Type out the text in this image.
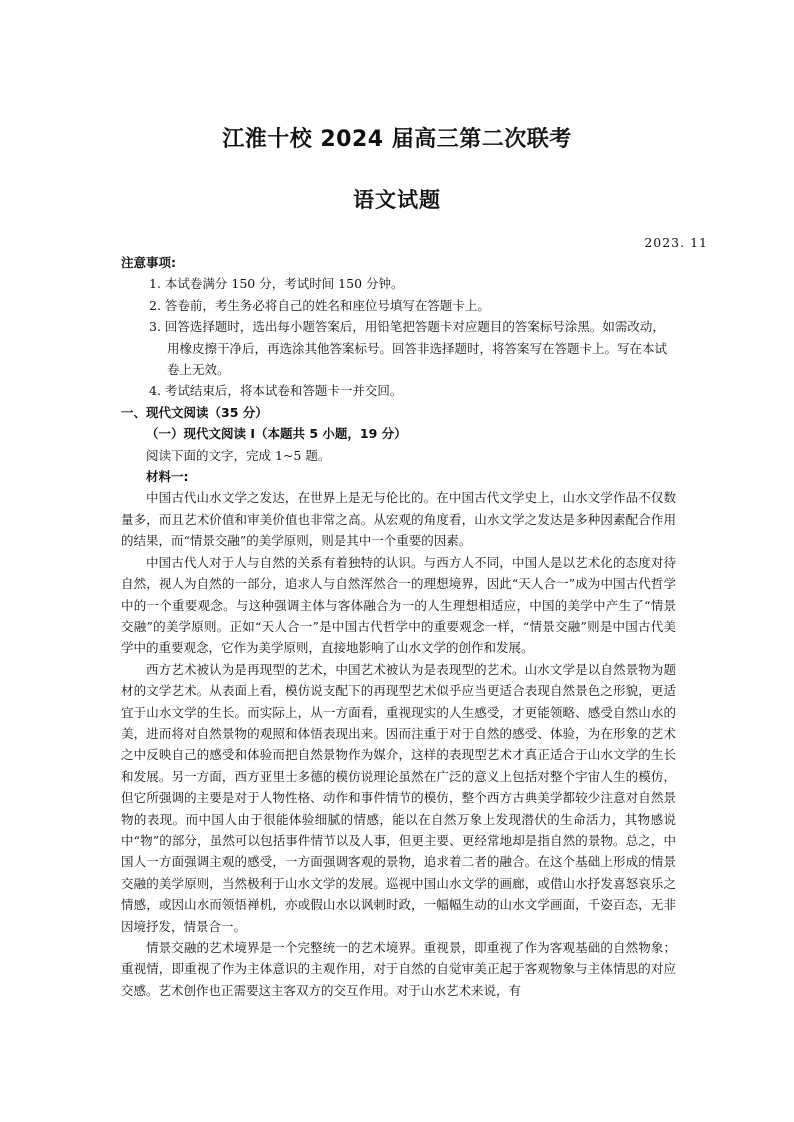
江淮十校 2024 届高三第二次联考
语文试题
2023. 11

注意事项:

1. 本试卷满分 150 分，考试时间 150 分钟。

2. 答卷前，考生务必将自己的姓名和座位号填写在答题卡上。

3. 回答选择题时，选出每小题答案后，用铅笔把答题卡对应题目的答案标号涂黑。如需改动，用橡皮擦干净后，再选涂其他答案标号。回答非选择题时，将答案写在答题卡上。写在本试卷上无效。

4. 考试结束后，将本试卷和答题卡一并交回。

一、现代文阅读（35 分）

（一）现代文阅读 I（本题共 5 小题，19 分）

阅读下面的文字，完成 1~5 题。

材料一:

中国古代山水文学之发达，在世界上是无与伦比的。在中国古代文学史上，山水文学作品不仅数量多，而且艺术价值和审美价值也非常之高。从宏观的角度看，山水文学之发达是多种因素配合作用的结果，而“情景交融”的美学原则，则是其中一个重要的因素。

中国古代人对于人与自然的关系有着独特的认识。与西方人不同，中国人是以艺术化的态度对待自然，视人为自然的一部分，追求人与自然浑然合一的理想境界，因此“天人合一”成为中国古代哲学中的一个重要观念。与这种强调主体与客体融合为一的人生理想相适应，中国的美学中产生了“情景交融”的美学原则。正如“天人合一”是中国古代哲学中的重要观念一样，“情景交融”则是中国古代美学中的重要观念，它作为美学原则，直接地影响了山水文学的创作和发展。

西方艺术被认为是再现型的艺术，中国艺术被认为是表现型的艺术。山水文学是以自然景物为题材的文学艺术。从表面上看，模仿说支配下的再现型艺术似乎应当更适合表现自然景色之形貌，更适宜于山水文学的生长。而实际上，从一方面看，重视现实的人生感受，才更能领略、感受自然山水的美，进而将对自然景物的观照和体悟表现出来。因而注重于对于自然的感受、体验，为在形象的艺术之中反映自己的感受和体验而把自然景物作为媒介，这样的表现型艺术才真正适合于山水文学的生长和发展。另一方面，西方亚里士多德的模仿说理论虽然在广泛的意义上包括对整个宇宙人生的模仿，但它所强调的主要是对于人物性格、动作和事件情节的模仿，整个西方古典美学都较少注意对自然景物的表现。而中国人由于很能体验细腻的情感，能以在自然万象上发现潜伏的生命活力，其物感说中“物”的部分，虽然可以包括事件情节以及人事，但更主要、更经常地却是指自然的景物。总之，中国人一方面强调主观的感受，一方面强调客观的景物，追求着二者的融合。在这个基础上形成的情景交融的美学原则，当然极利于山水文学的发展。巡视中国山水文学的画廊，或借山水抒发喜怒哀乐之情感，或因山水而领悟禅机，亦或假山水以讽刺时政，一幅幅生动的山水文学画面，千姿百态，无非因境抒发，情景合一。

情景交融的艺术境界是一个完整统一的艺术境界。重视景，即重视了作为客观基础的自然物象；重视情，即重视了作为主体意识的主观作用，对于自然的自觉审美正起于客观物象与主体情思的对应交感。艺术创作也正需要这主客双方的交互作用。对于山水艺术来说，有
